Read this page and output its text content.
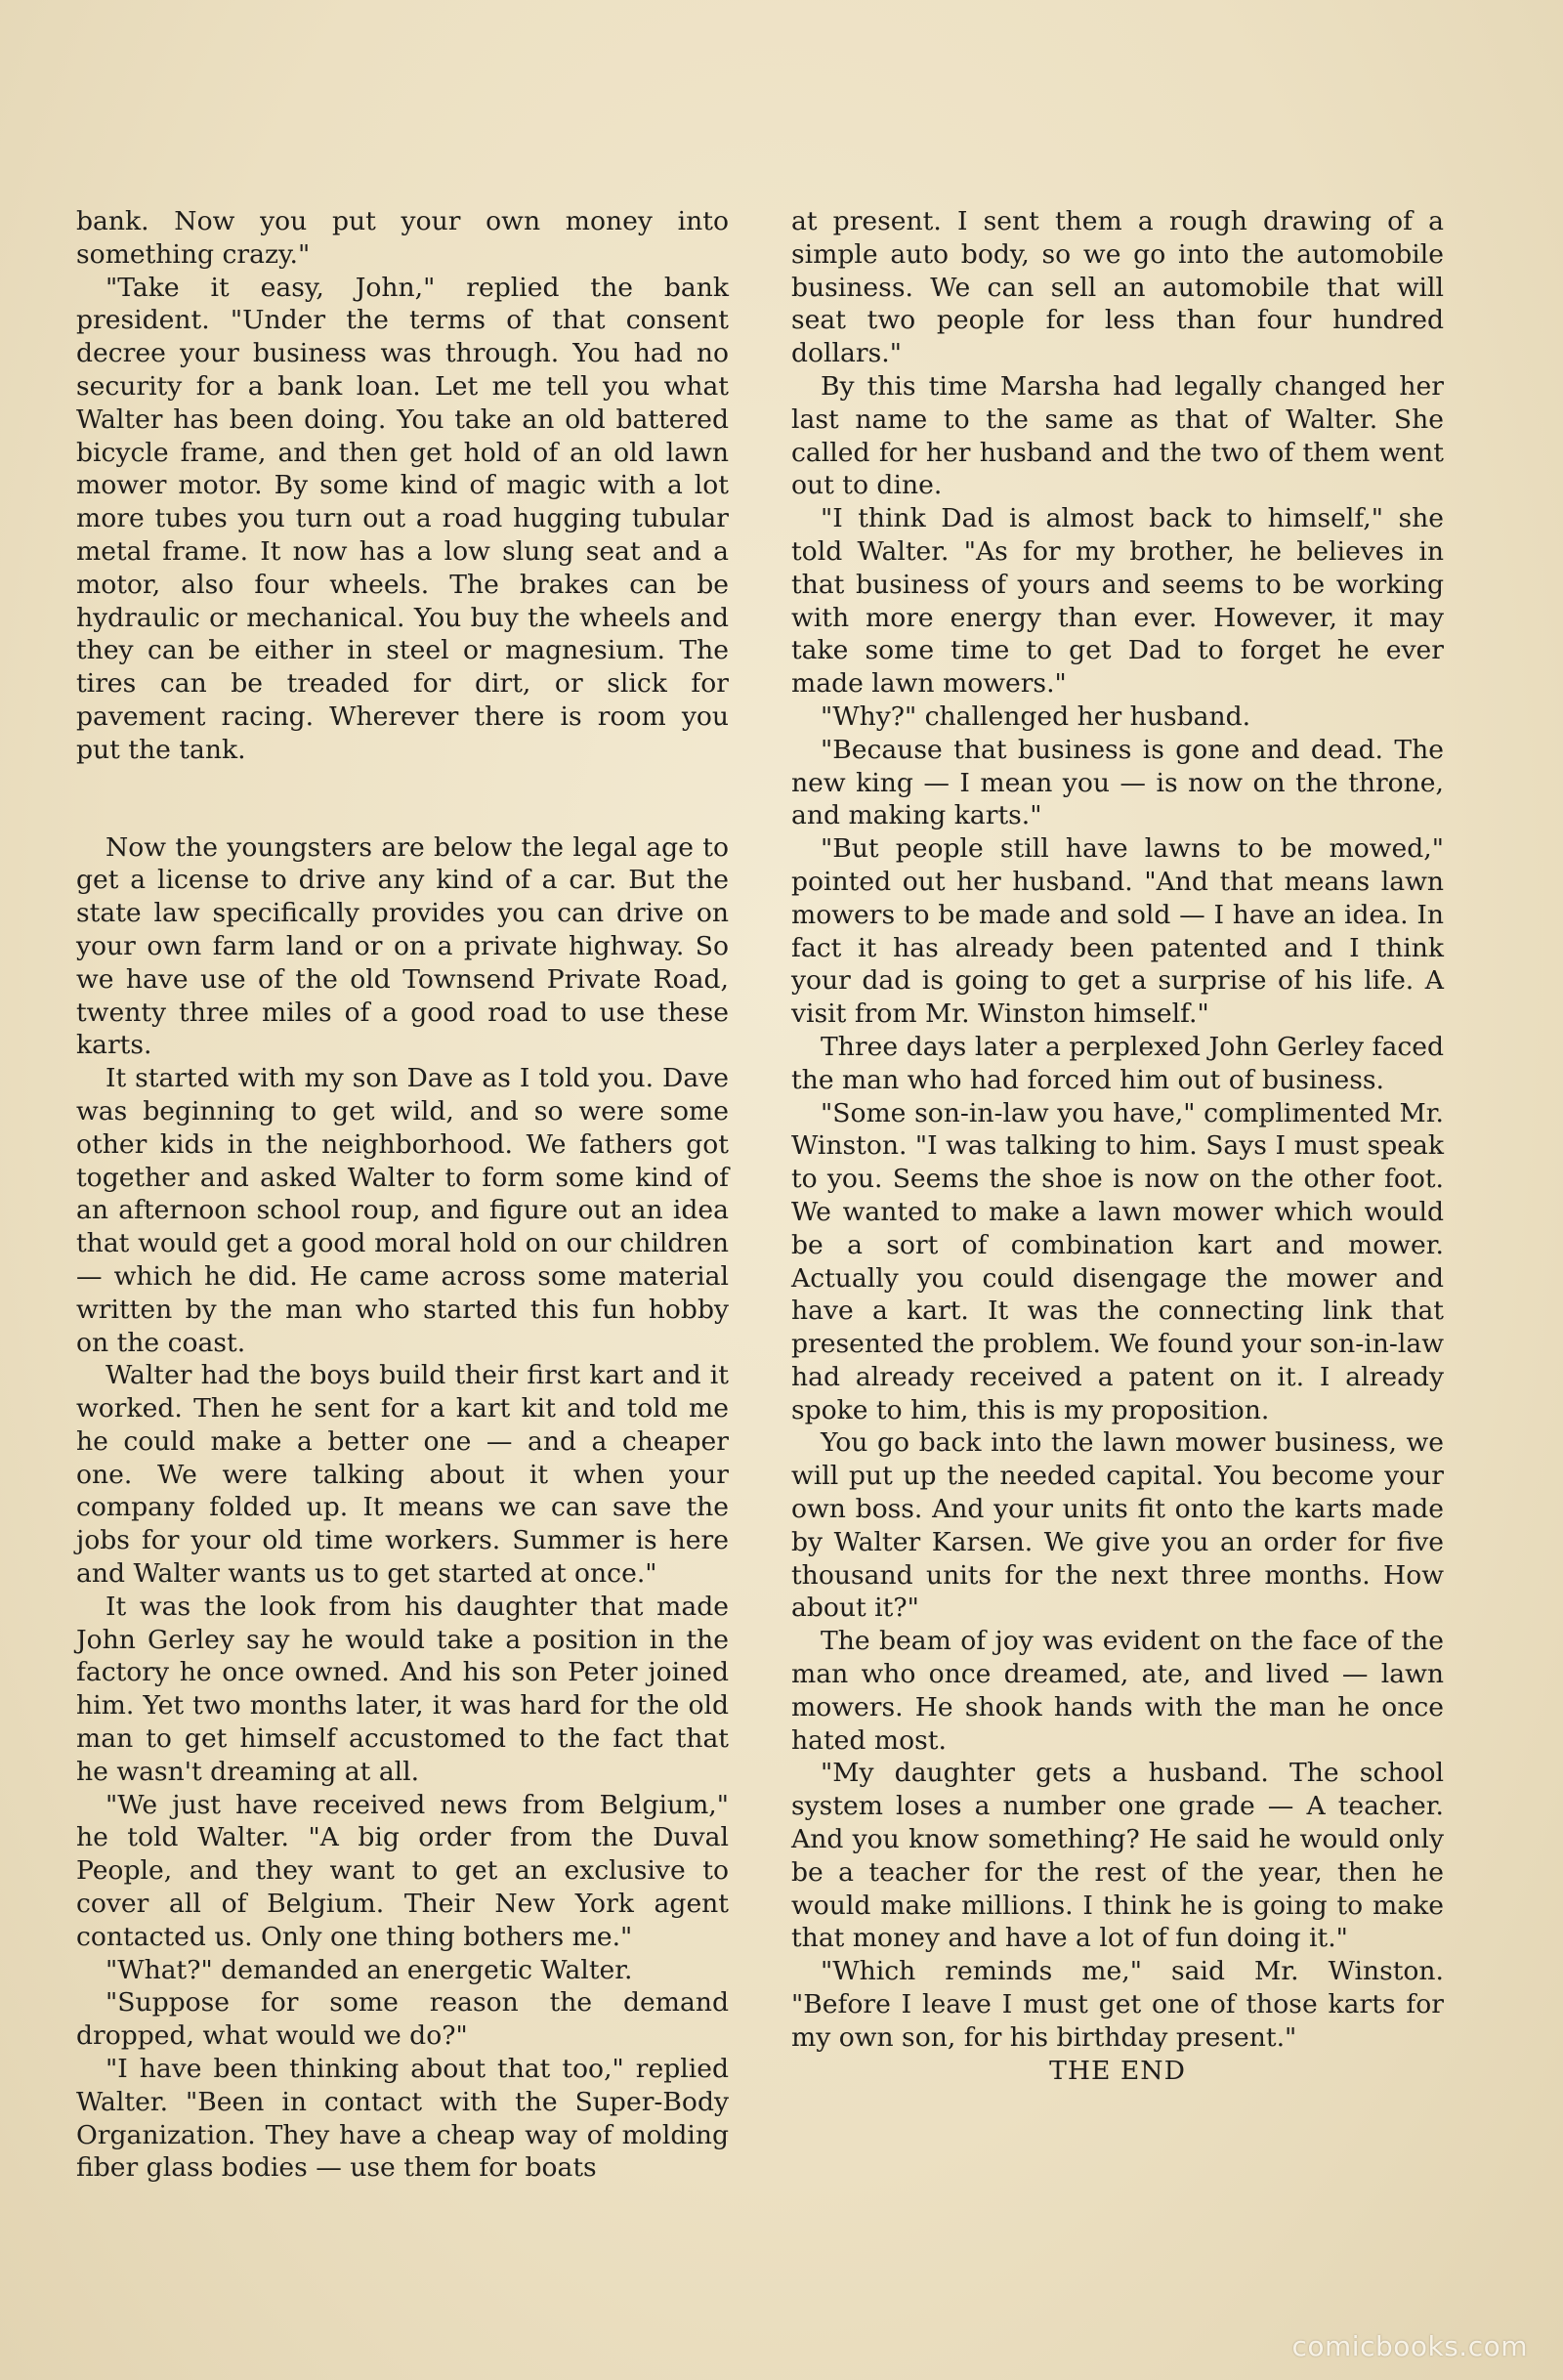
bank. Now you put your own money into something crazy."

"Take it easy, John," replied the bank president. "Under the terms of that consent decree your business was through. You had no security for a bank loan. Let me tell you what Walter has been doing. You take an old battered bicycle frame, and then get hold of an old lawn mower motor. By some kind of magic with a lot more tubes you turn out a road hugging tubular metal frame. It now has a low slung seat and a motor, also four wheels. The brakes can be hydraulic or mechanical. You buy the wheels and they can be either in steel or magnesium. The tires can be treaded for dirt, or slick for pavement racing. Wherever there is room you put the tank.

Now the youngsters are below the legal age to get a license to drive any kind of a car. But the state law specifically provides you can drive on your own farm land or on a private highway. So we have use of the old Townsend Private Road, twenty three miles of a good road to use these karts.

It started with my son Dave as I told you. Dave was beginning to get wild, and so were some other kids in the neighborhood. We fathers got together and asked Walter to form some kind of an afternoon school roup, and figure out an idea that would get a good moral hold on our children — which he did. He came across some material written by the man who started this fun hobby on the coast.

Walter had the boys build their first kart and it worked. Then he sent for a kart kit and told me he could make a better one — and a cheaper one. We were talking about it when your company folded up. It means we can save the jobs for your old time workers. Summer is here and Walter wants us to get started at once."

It was the look from his daughter that made John Gerley say he would take a position in the factory he once owned. And his son Peter joined him. Yet two months later, it was hard for the old man to get himself accustomed to the fact that he wasn't dreaming at all.

"We just have received news from Belgium," he told Walter. "A big order from the Duval People, and they want to get an exclusive to cover all of Belgium. Their New York agent contacted us. Only one thing bothers me."

"What?" demanded an energetic Walter.

"Suppose for some reason the demand dropped, what would we do?"

"I have been thinking about that too," replied Walter. "Been in contact with the Super-Body Organization. They have a cheap way of molding fiber glass bodies — use them for boats

at present. I sent them a rough drawing of a simple auto body, so we go into the automobile business. We can sell an automobile that will seat two people for less than four hundred dollars."

By this time Marsha had legally changed her last name to the same as that of Walter. She called for her husband and the two of them went out to dine.

"I think Dad is almost back to himself," she told Walter. "As for my brother, he believes in that business of yours and seems to be working with more energy than ever. However, it may take some time to get Dad to forget he ever made lawn mowers."

"Why?" challenged her husband.

"Because that business is gone and dead. The new king — I mean you — is now on the throne, and making karts."

"But people still have lawns to be mowed," pointed out her husband. "And that means lawn mowers to be made and sold — I have an idea. In fact it has already been patented and I think your dad is going to get a surprise of his life. A visit from Mr. Winston himself."

Three days later a perplexed John Gerley faced the man who had forced him out of business.

"Some son-in-law you have," complimented Mr. Winston. "I was talking to him. Says I must speak to you. Seems the shoe is now on the other foot. We wanted to make a lawn mower which would be a sort of combination kart and mower. Actually you could disengage the mower and have a kart. It was the connecting link that presented the problem. We found your son-in-law had already received a patent on it. I already spoke to him, this is my proposition.

You go back into the lawn mower business, we will put up the needed capital. You become your own boss. And your units fit onto the karts made by Walter Karsen. We give you an order for five thousand units for the next three months. How about it?"

The beam of joy was evident on the face of the man who once dreamed, ate, and lived — lawn mowers. He shook hands with the man he once hated most.

"My daughter gets a husband. The school system loses a number one grade — A teacher. And you know something? He said he would only be a teacher for the rest of the year, then he would make millions. I think he is going to make that money and have a lot of fun doing it."

"Which reminds me," said Mr. Winston. "Before I leave I must get one of those karts for my own son, for his birthday present."

THE END

comicbooks.com
